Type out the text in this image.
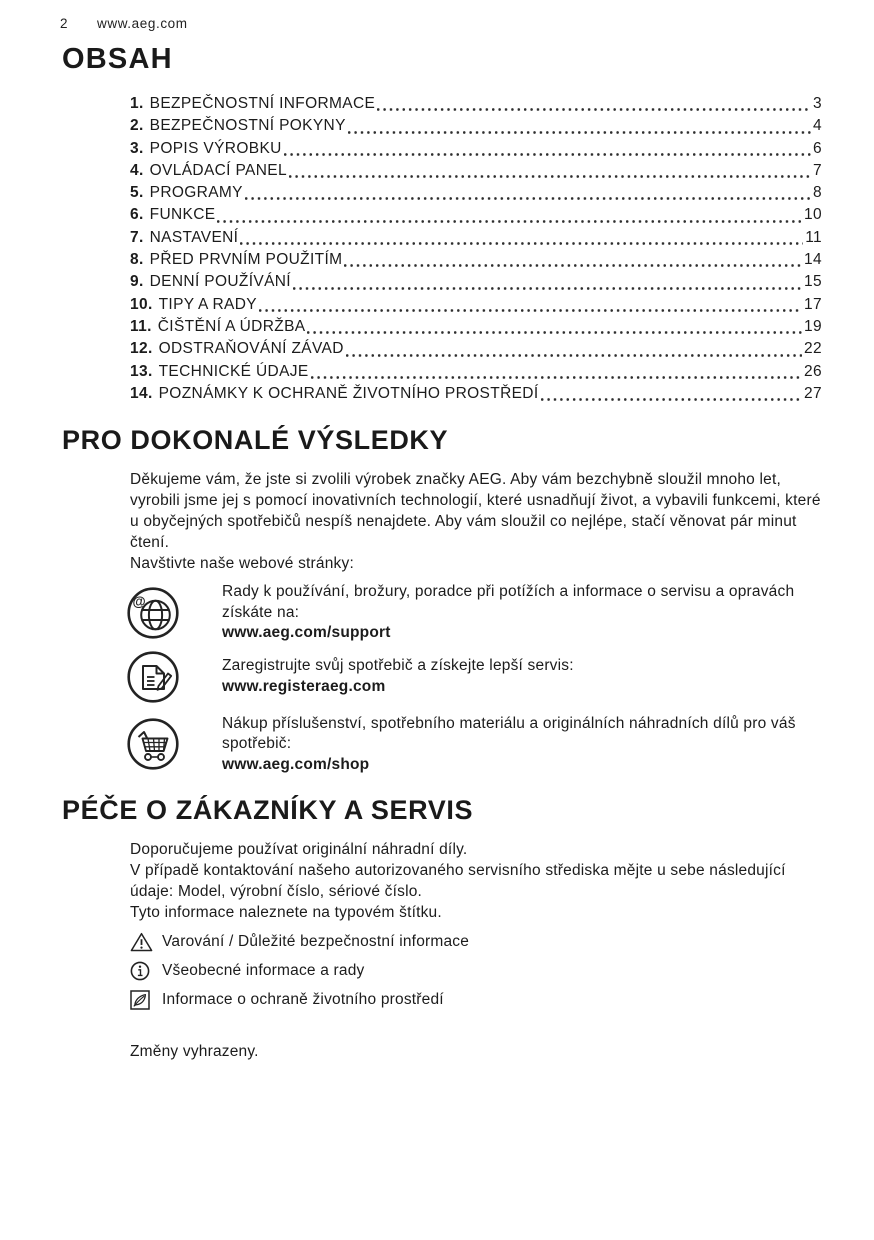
2	www.aeg.com
OBSAH
1. BEZPEČNOSTNÍ INFORMACE	3
2. BEZPEČNOSTNÍ POKYNY	4
3. POPIS VÝROBKU	6
4. OVLÁDACÍ PANEL	7
5. PROGRAMY	8
6. FUNKCE	10
7. NASTAVENÍ	11
8. PŘED PRVNÍM POUŽITÍM	14
9. DENNÍ POUŽÍVÁNÍ	15
10. TIPY A RADY	17
11. ČIŠTĚNÍ A ÚDRŽBA	19
12. ODSTRAŇOVÁNÍ ZÁVAD	22
13. TECHNICKÉ ÚDAJE	26
14. POZNÁMKY K OCHRANĚ ŽIVOTNÍHO PROSTŘEDÍ	27
PRO DOKONALÉ VÝSLEDKY

Děkujeme vám, že jste si zvolili výrobek značky AEG. Aby vám bezchybně sloužil mnoho let, vyrobili jsme jej s pomocí inovativních technologií, které usnadňují život, a vybavili funkcemi, které u obyčejných spotřebičů nespíš nenajdete. Aby vám sloužil co nejlépe, stačí věnovat pár minut čtení.

Navštivte naše webové stránky:

@

Rady k používání, brožury, poradce při potížích a informace o servisu a opravách získáte na:

www.aeg.com/support

Zaregistrujte svůj spotřebič a získejte lepší servis:

www.registeraeg.com

Nákup příslušenství, spotřebního materiálu a originálních náhradních dílů pro váš spotřebič:

www.aeg.com/shop

PÉČE O ZÁKAZNÍKY A SERVIS

Doporučujeme používat originální náhradní díly.

V případě kontaktování našeho autorizovaného servisního střediska mějte u sebe následující údaje: Model, výrobní číslo, sériové číslo.

Tyto informace naleznete na typovém štítku.

Varování / Důležité bezpečnostní informace
Všeobecné informace a rady
Informace o ochraně životního prostředí

Změny vyhrazeny.
